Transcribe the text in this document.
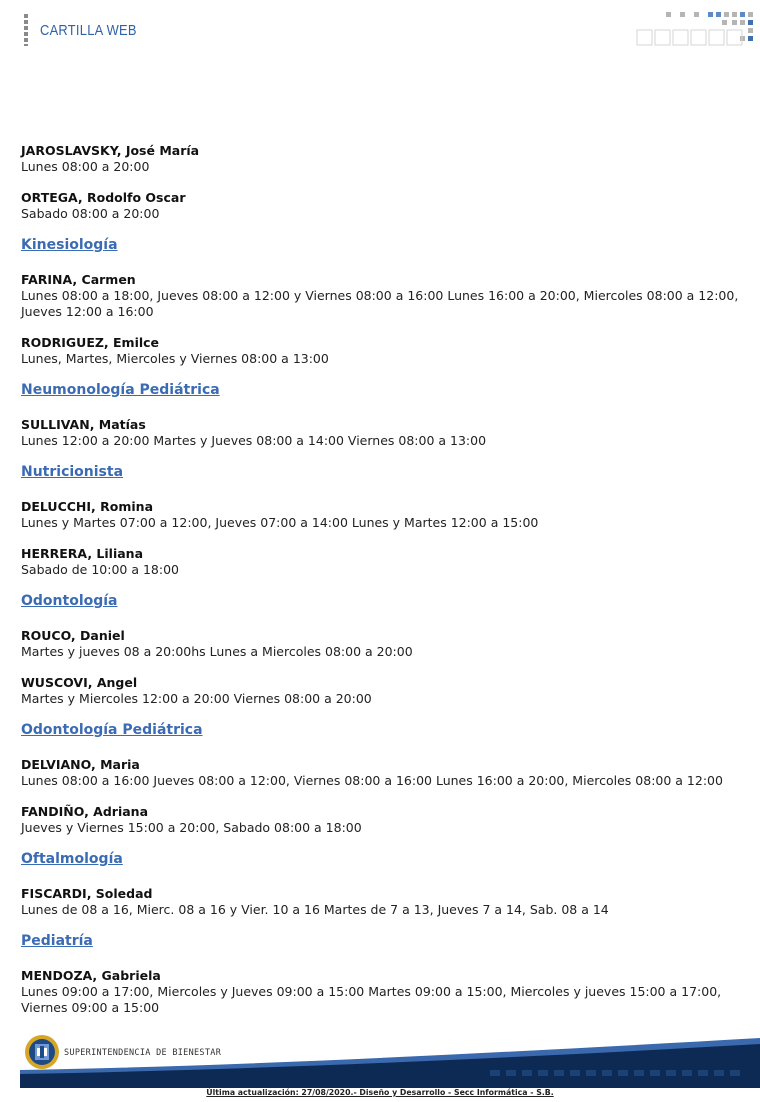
CARTILLA WEB
JAROSLAVSKY, José María
Lunes 08:00 a 20:00
ORTEGA, Rodolfo Oscar
Sabado 08:00 a 20:00
Kinesiología
FARINA, Carmen
Lunes 08:00 a 18:00, Jueves 08:00 a 12:00 y Viernes 08:00 a 16:00 Lunes 16:00 a 20:00, Miercoles 08:00 a 12:00, Jueves 12:00 a 16:00
RODRIGUEZ, Emilce
Lunes, Martes, Miercoles y Viernes 08:00 a 13:00
Neumonología Pediátrica
SULLIVAN, Matías
Lunes 12:00 a 20:00 Martes y Jueves 08:00 a 14:00 Viernes 08:00 a 13:00
Nutricionista
DELUCCHI, Romina
Lunes y Martes 07:00 a 12:00, Jueves 07:00 a 14:00 Lunes y Martes 12:00 a 15:00
HERRERA, Liliana
Sabado de 10:00 a 18:00
Odontología
ROUCO, Daniel
Martes y jueves 08 a 20:00hs Lunes a Miercoles 08:00 a 20:00
WUSCOVI, Angel
Martes y Miercoles 12:00 a 20:00 Viernes 08:00 a 20:00
Odontología Pediátrica
DELVIANO, Maria
Lunes 08:00 a 16:00 Jueves 08:00 a 12:00, Viernes 08:00 a 16:00 Lunes 16:00 a 20:00, Miercoles 08:00 a 12:00
FANDIÑO, Adriana
Jueves y Viernes 15:00 a 20:00, Sabado 08:00 a 18:00
Oftalmología
FISCARDI, Soledad
Lunes de 08 a 16, Mierc. 08 a 16 y Vier. 10 a 16 Martes de 7 a 13, Jueves 7 a 14, Sab. 08 a 14
Pediatría
MENDOZA, Gabriela
Lunes 09:00 a 17:00, Miercoles y Jueves 09:00 a 15:00 Martes 09:00 a 15:00, Miercoles y jueves 15:00 a 17:00, Viernes 09:00 a 15:00
SUPERINTENDENCIA DE BIENESTAR
Última actualización: 27/08/2020.- Diseño y Desarrollo - Secc Informática - S.B.
